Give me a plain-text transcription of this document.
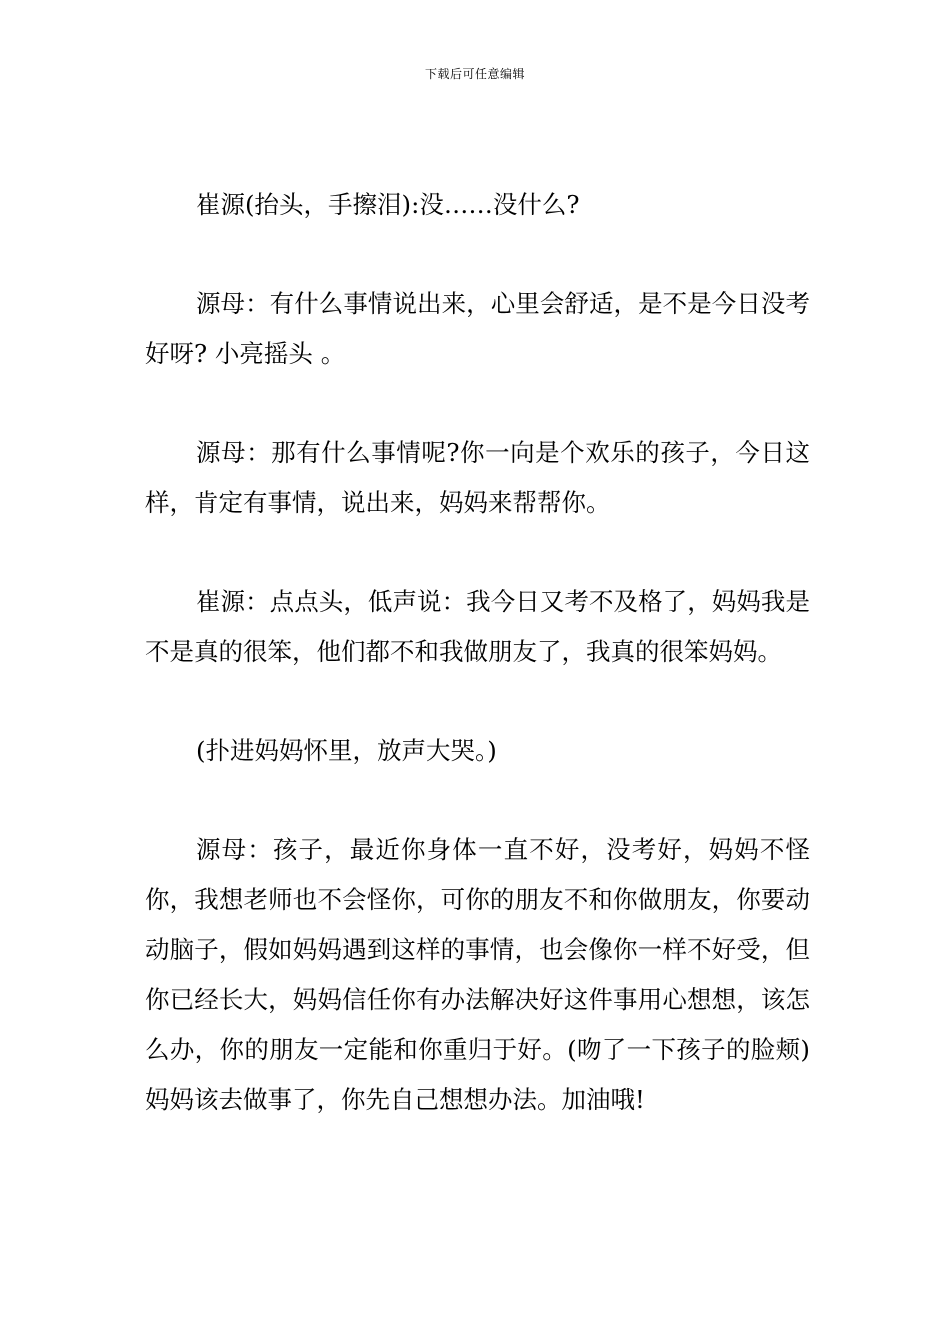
下载后可任意编辑

崔源(抬头，手擦泪):没……没什么?

源母：有什么事情说出来，心里会舒适，是不是今日没考好呀? 小亮摇头 。

源母：那有什么事情呢?你一向是个欢乐的孩子，今日这样，肯定有事情，说出来，妈妈来帮帮你。

崔源：点点头，低声说：我今日又考不及格了，妈妈我是不是真的很笨，他们都不和我做朋友了，我真的很笨妈妈。

(扑进妈妈怀里，放声大哭。)

源母：孩子，最近你身体一直不好，没考好，妈妈不怪你，我想老师也不会怪你，可你的朋友不和你做朋友，你要动动脑子，假如妈妈遇到这样的事情，也会像你一样不好受，但你已经长大，妈妈信任你有办法解决好这件事用心想想，该怎么办，你的朋友一定能和你重归于好。(吻了一下孩子的脸颊)妈妈该去做事了，你先自己想想办法。加油哦!
